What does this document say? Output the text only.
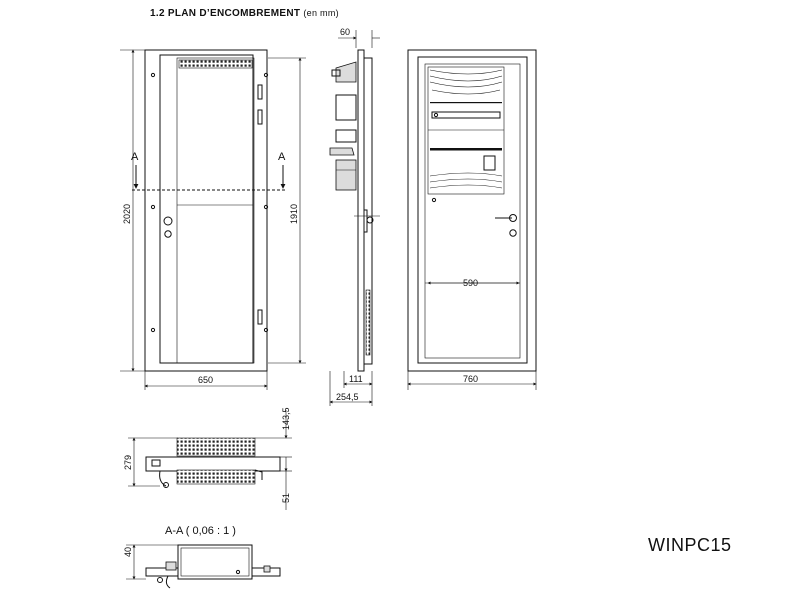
1.2 PLAN D’ENCOMBREMENT (en mm)
A	A
2020	1910
650
60
111
254,5
590
760
279
143,5
51
A-A ( 0,06 : 1 )
40	WINPC15
